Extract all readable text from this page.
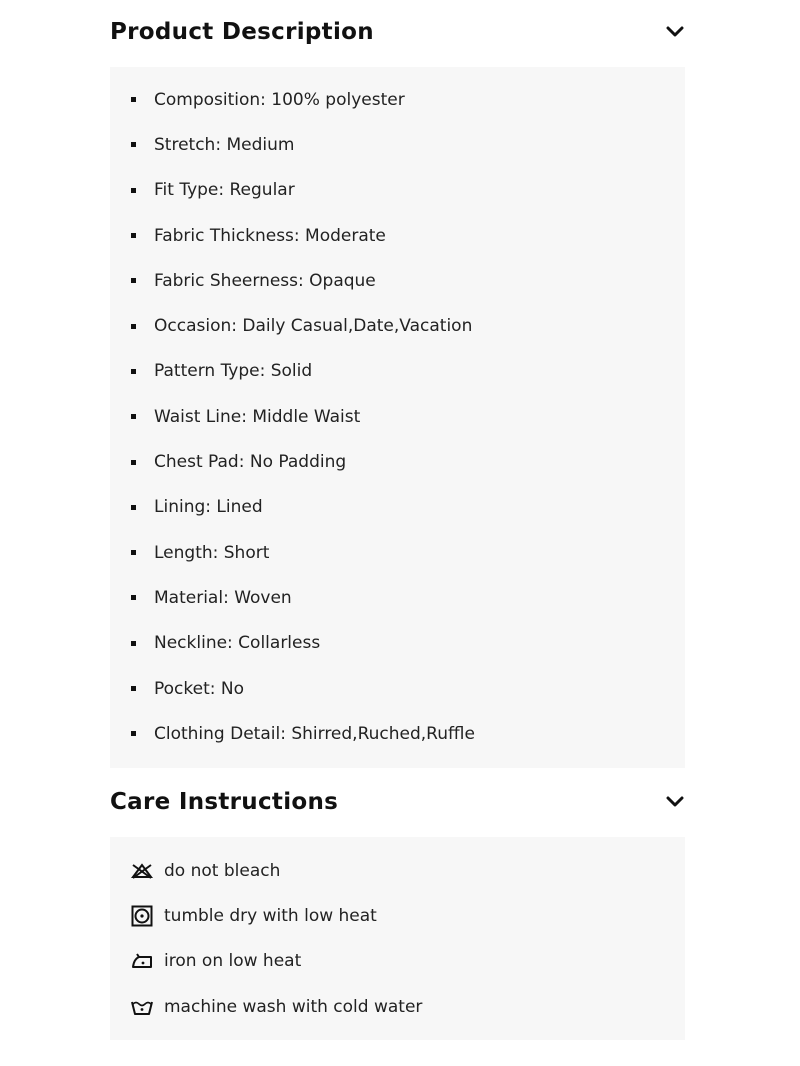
Product Description
Composition: 100% polyester
Stretch: Medium
Fit Type: Regular
Fabric Thickness: Moderate
Fabric Sheerness: Opaque
Occasion: Daily Casual,Date,Vacation
Pattern Type: Solid
Waist Line: Middle Waist
Chest Pad: No Padding
Lining: Lined
Length: Short
Material: Woven
Neckline: Collarless
Pocket: No
Clothing Detail: Shirred,Ruched,Ruffle
Care Instructions
do not bleach
tumble dry with low heat
iron on low heat
machine wash with cold water
